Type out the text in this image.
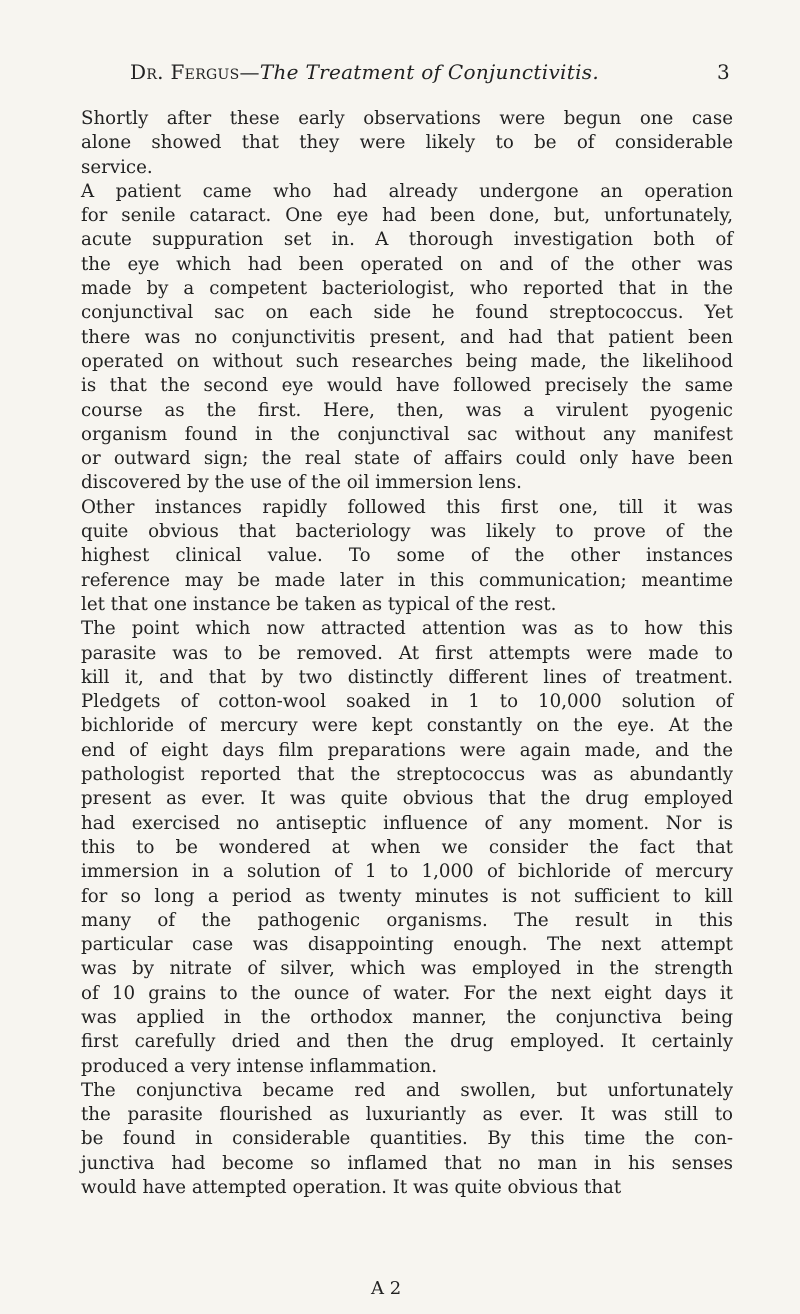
Dr. Fergus—The Treatment of Conjunctivitis.	3

Shortly after these early observations were begun one case
alone showed that they were likely to be of considerable
service.

A patient came who had already undergone an operation
for senile cataract. One eye had been done, but, unfortunately,
acute suppuration set in. A thorough investigation both of
the eye which had been operated on and of the other was
made by a competent bacteriologist, who reported that in the
conjunctival sac on each side he found streptococcus. Yet
there was no conjunctivitis present, and had that patient been
operated on without such researches being made, the likelihood
is that the second eye would have followed precisely the same
course as the first. Here, then, was a virulent pyogenic
organism found in the conjunctival sac without any manifest
or outward sign; the real state of affairs could only have been
discovered by the use of the oil immersion lens.

Other instances rapidly followed this first one, till it was
quite obvious that bacteriology was likely to prove of the
highest clinical value. To some of the other instances
reference may be made later in this communication; meantime
let that one instance be taken as typical of the rest.

The point which now attracted attention was as to how this
parasite was to be removed. At first attempts were made to
kill it, and that by two distinctly different lines of treatment.
Pledgets of cotton-wool soaked in 1 to 10,000 solution of
bichloride of mercury were kept constantly on the eye. At the
end of eight days film preparations were again made, and the
pathologist reported that the streptococcus was as abundantly
present as ever. It was quite obvious that the drug employed
had exercised no antiseptic influence of any moment. Nor is
this to be wondered at when we consider the fact that
immersion in a solution of 1 to 1,000 of bichloride of mercury
for so long a period as twenty minutes is not sufficient to kill
many of the pathogenic organisms. The result in this
particular case was disappointing enough. The next attempt
was by nitrate of silver, which was employed in the strength
of 10 grains to the ounce of water. For the next eight days it
was applied in the orthodox manner, the conjunctiva being
first carefully dried and then the drug employed. It certainly
produced a very intense inflammation.

The conjunctiva became red and swollen, but unfortunately
the parasite flourished as luxuriantly as ever. It was still to
be found in considerable quantities. By this time the con-
junctiva had become so inflamed that no man in his senses
would have attempted operation. It was quite obvious that

A 2
